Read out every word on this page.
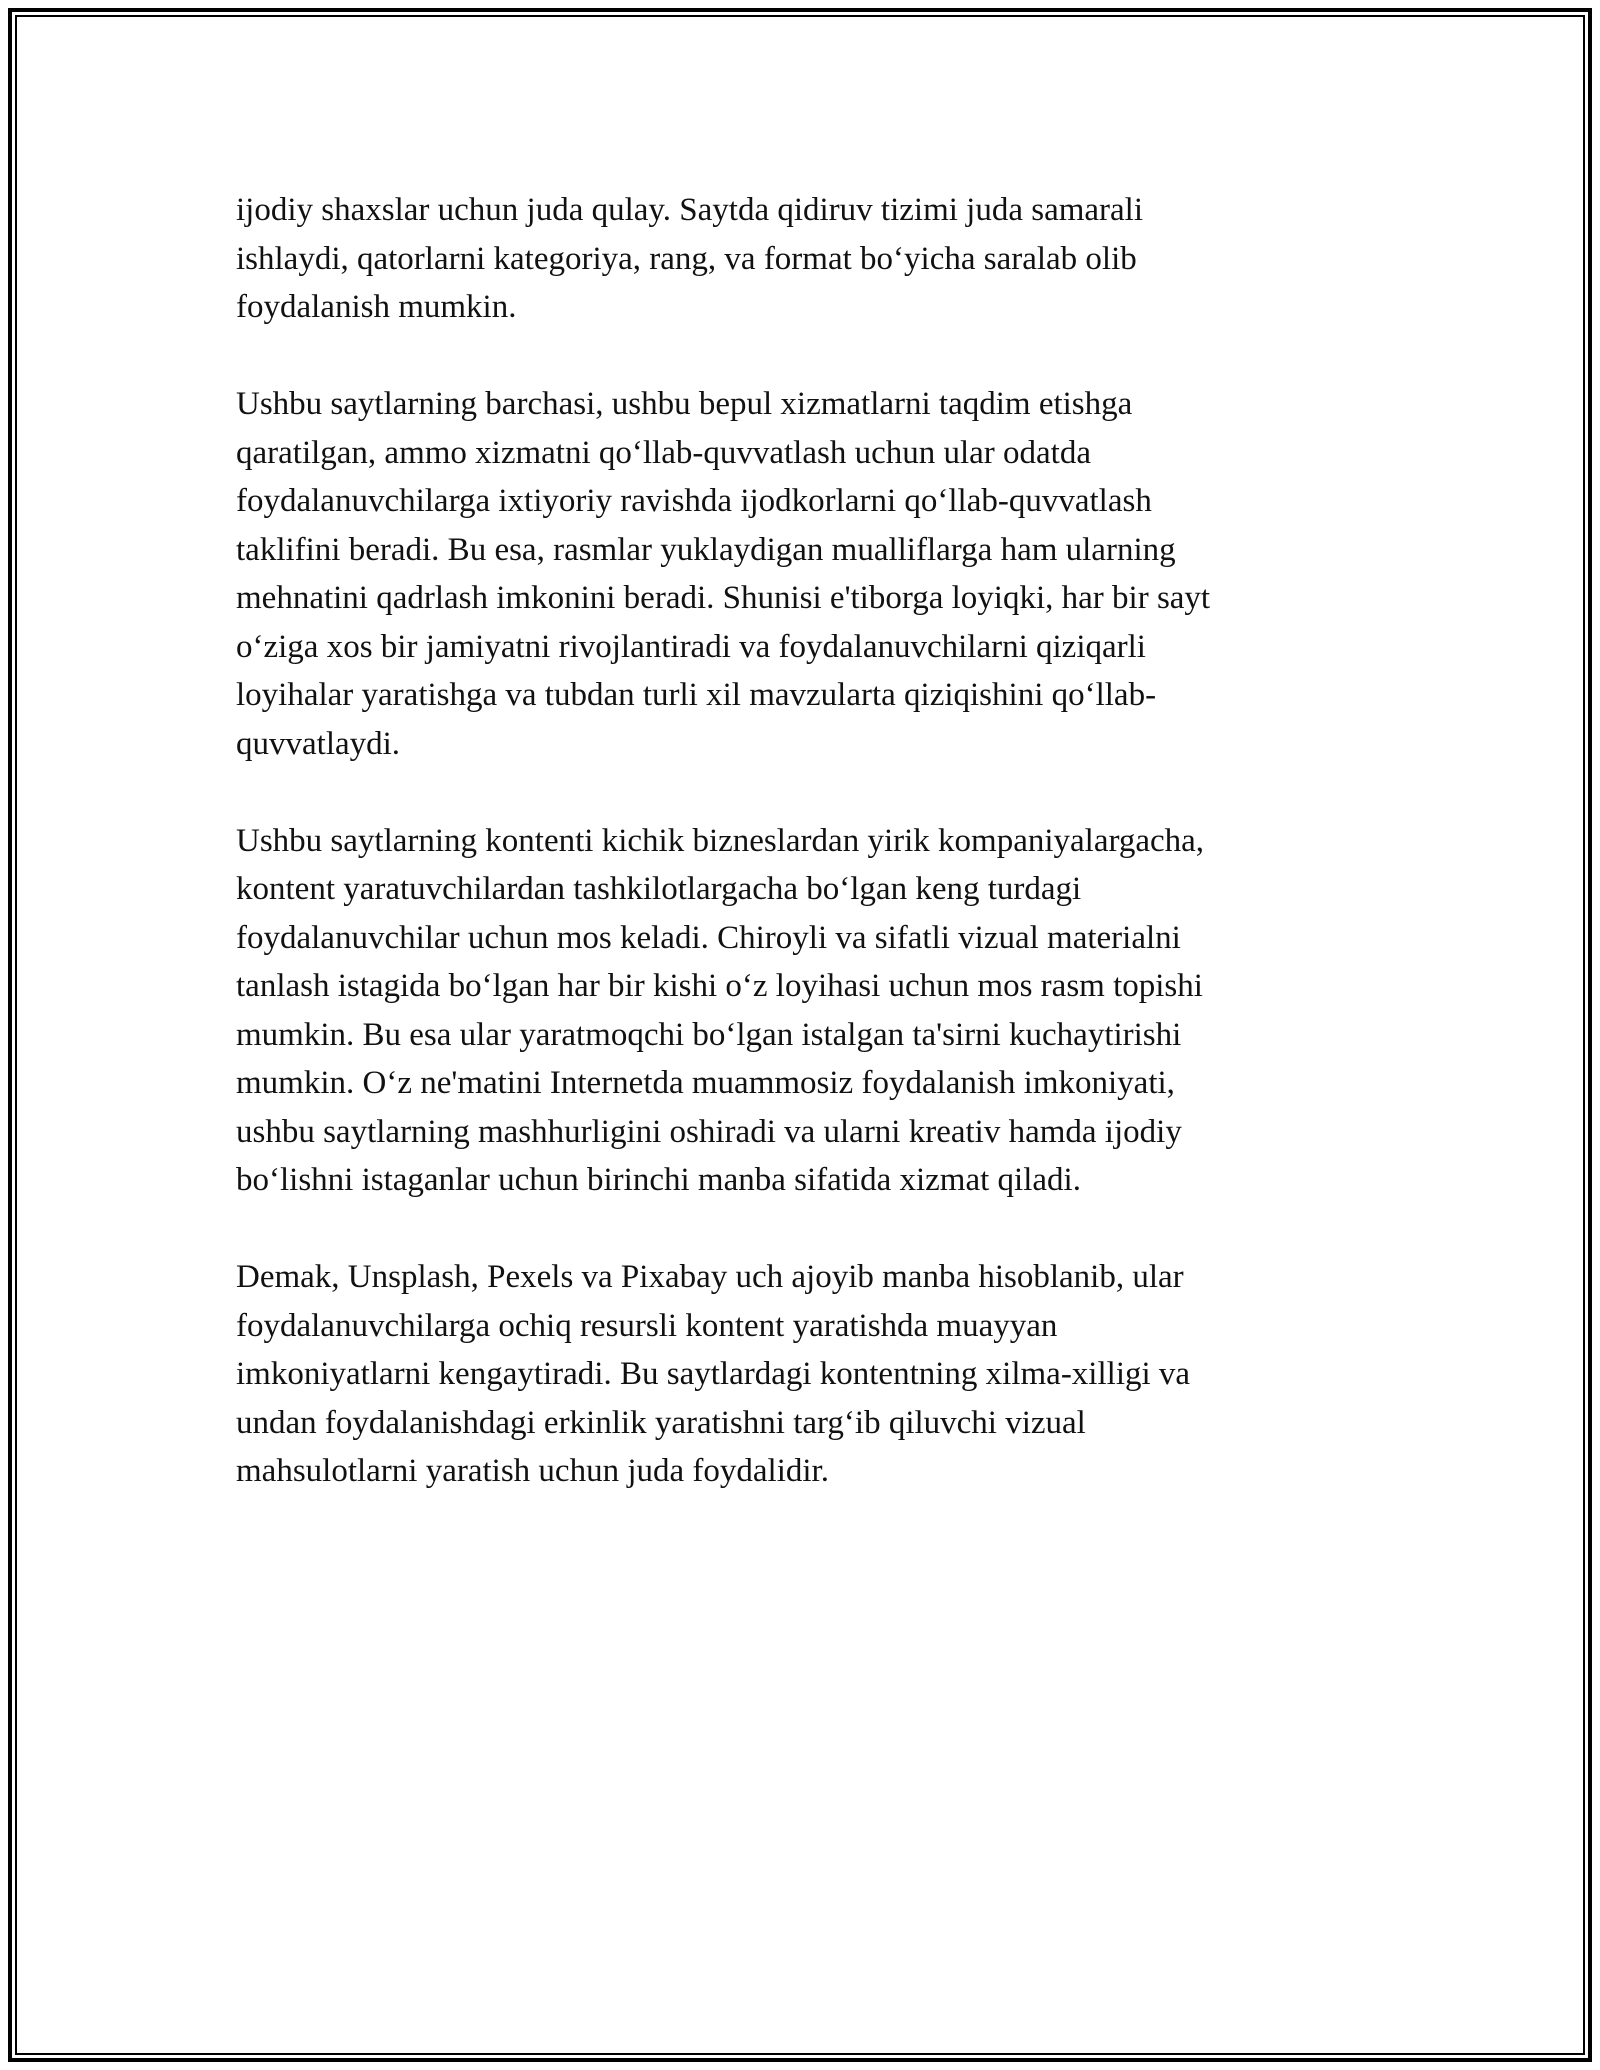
ijodiy shaxslar uchun juda qulay. Saytda qidiruv tizimi juda samarali
ishlaydi, qatorlarni kategoriya, rang, va format bo‘yicha saralab olib
foydalanish mumkin.

Ushbu saytlarning barchasi, ushbu bepul xizmatlarni taqdim etishga
qaratilgan, ammo xizmatni qo‘llab-quvvatlash uchun ular odatda
foydalanuvchilarga ixtiyoriy ravishda ijodkorlarni qo‘llab-quvvatlash
taklifini beradi. Bu esa, rasmlar yuklaydigan mualliflarga ham ularning
mehnatini qadrlash imkonini beradi. Shunisi e'tiborga loyiqki, har bir sayt
o‘ziga xos bir jamiyatni rivojlantiradi va foydalanuvchilarni qiziqarli
loyihalar yaratishga va tubdan turli xil mavzularta qiziqishini qo‘llab-
quvvatlaydi.

Ushbu saytlarning kontenti kichik bizneslardan yirik kompaniyalargacha,
kontent yaratuvchilardan tashkilotlargacha bo‘lgan keng turdagi
foydalanuvchilar uchun mos keladi. Chiroyli va sifatli vizual materialni
tanlash istagida bo‘lgan har bir kishi o‘z loyihasi uchun mos rasm topishi
mumkin. Bu esa ular yaratmoqchi bo‘lgan istalgan ta'sirni kuchaytirishi
mumkin. O‘z ne'matini Internetda muammosiz foydalanish imkoniyati,
ushbu saytlarning mashhurligini oshiradi va ularni kreativ hamda ijodiy
bo‘lishni istaganlar uchun birinchi manba sifatida xizmat qiladi.

Demak, Unsplash, Pexels va Pixabay uch ajoyib manba hisoblanib, ular
foydalanuvchilarga ochiq resursli kontent yaratishda muayyan
imkoniyatlarni kengaytiradi. Bu saytlardagi kontentning xilma-xilligi va
undan foydalanishdagi erkinlik yaratishni targ‘ib qiluvchi vizual
mahsulotlarni yaratish uchun juda foydalidir.
